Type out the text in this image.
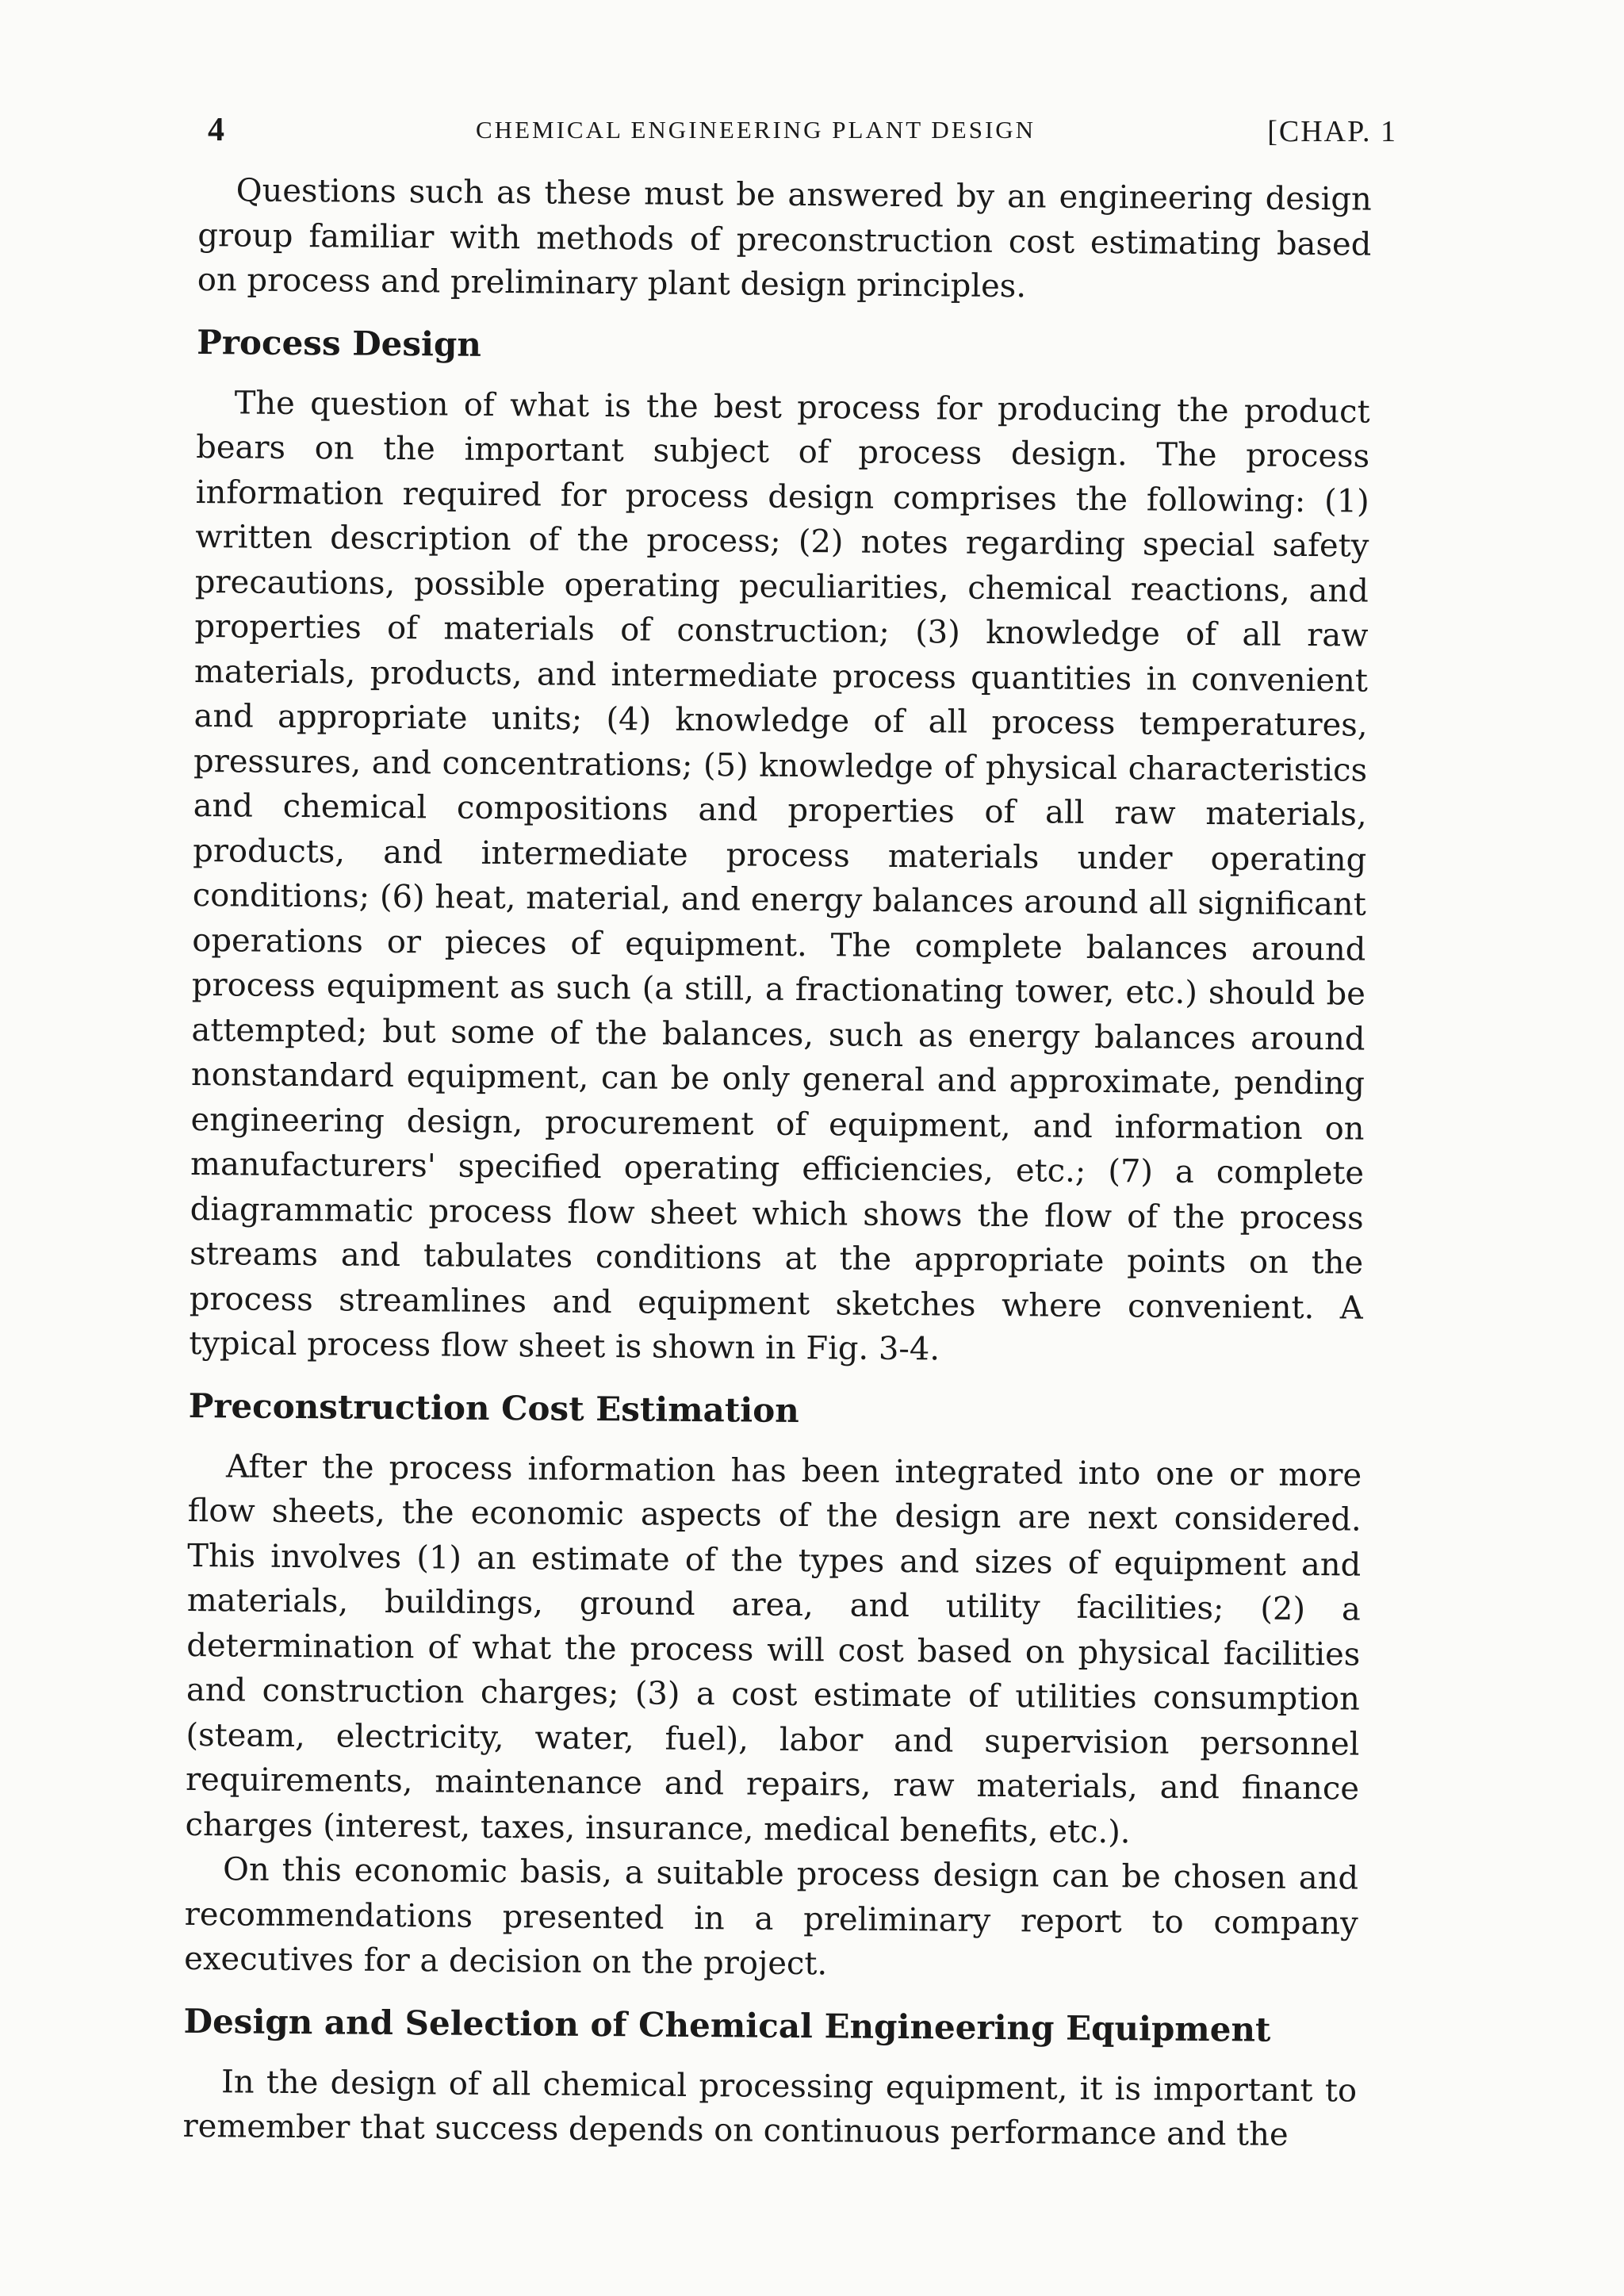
4	CHEMICAL ENGINEERING PLANT DESIGN	[CHAP. 1

Questions such as these must be answered by an engineering design group familiar with methods of preconstruction cost estimating based on process and preliminary plant design principles.

Process Design

The question of what is the best process for producing the product bears on the important subject of process design. The process information required for process design comprises the following: (1) written description of the process; (2) notes regarding special safety precautions, possible operating peculiarities, chemical reactions, and properties of materials of construction; (3) knowledge of all raw materials, products, and intermediate process quantities in convenient and appropriate units; (4) knowledge of all process temperatures, pressures, and concentrations; (5) knowledge of physical characteristics and chemical compositions and properties of all raw materials, products, and intermediate process materials under operating conditions; (6) heat, material, and energy balances around all significant operations or pieces of equipment. The complete balances around process equipment as such (a still, a fractionating tower, etc.) should be attempted; but some of the balances, such as energy balances around nonstandard equipment, can be only general and approximate, pending engineering design, procurement of equipment, and information on manufacturers' specified operating efficiencies, etc.; (7) a complete diagrammatic process flow sheet which shows the flow of the process streams and tabulates conditions at the appropriate points on the process streamlines and equipment sketches where convenient. A typical process flow sheet is shown in Fig. 3-4.

Preconstruction Cost Estimation

After the process information has been integrated into one or more flow sheets, the economic aspects of the design are next considered. This involves (1) an estimate of the types and sizes of equipment and materials, buildings, ground area, and utility facilities; (2) a determination of what the process will cost based on physical facilities and construction charges; (3) a cost estimate of utilities consumption (steam, electricity, water, fuel), labor and supervision personnel requirements, maintenance and repairs, raw materials, and finance charges (interest, taxes, insurance, medical benefits, etc.).

On this economic basis, a suitable process design can be chosen and recommendations presented in a preliminary report to company executives for a decision on the project.

Design and Selection of Chemical Engineering Equipment

In the design of all chemical processing equipment, it is important to remember that success depends on continuous performance and the
